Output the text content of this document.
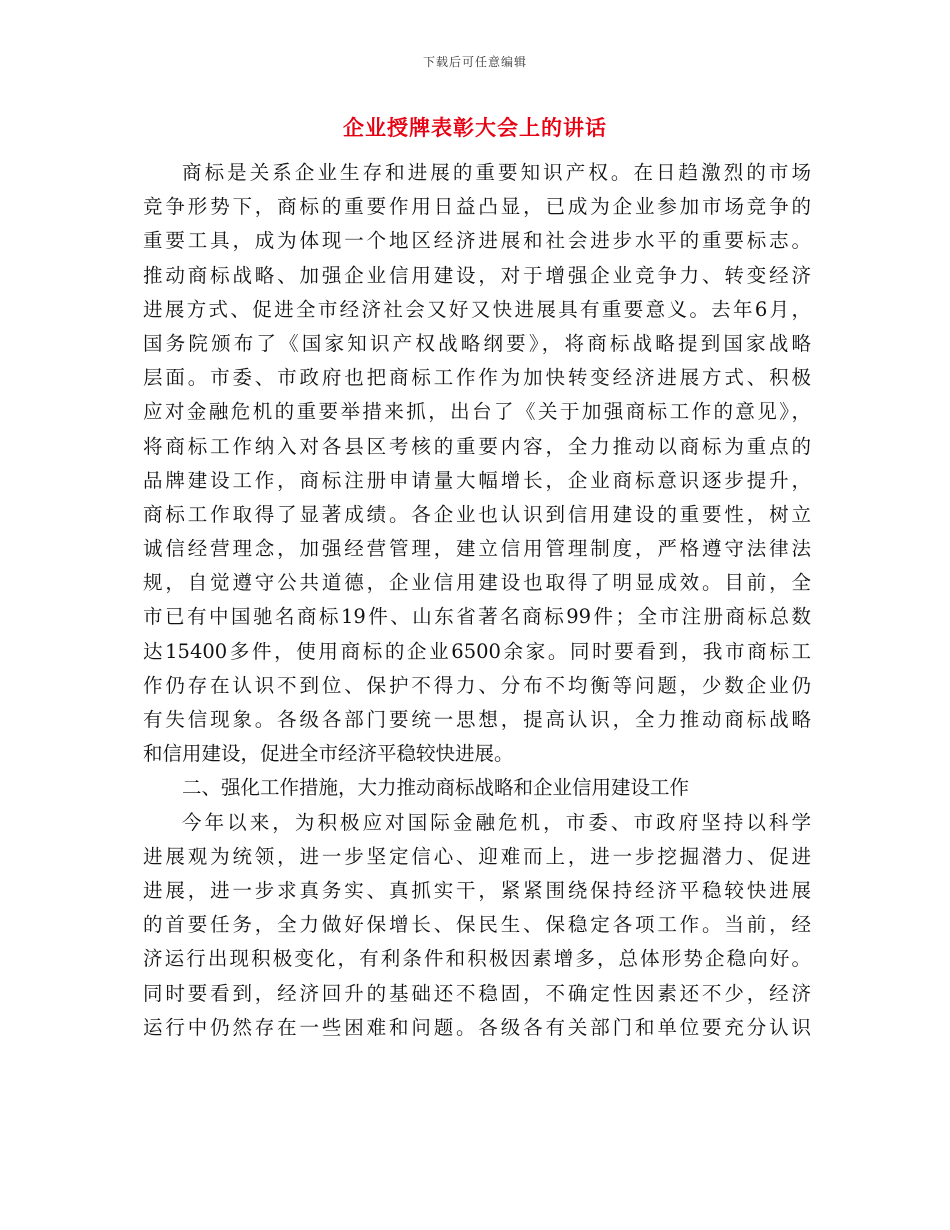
下载后可任意编辑
企业授牌表彰大会上的讲话
商标是关系企业生存和进展的重要知识产权。在日趋激烈的市场
竞争形势下，商标的重要作用日益凸显，已成为企业参加市场竞争的
重要工具，成为体现一个地区经济进展和社会进步水平的重要标志。
推动商标战略、加强企业信用建设，对于增强企业竞争力、转变经济
进展方式、促进全市经济社会又好又快进展具有重要意义。去年6月，
国务院颁布了《国家知识产权战略纲要》，将商标战略提到国家战略
层面。市委、市政府也把商标工作作为加快转变经济进展方式、积极
应对金融危机的重要举措来抓，出台了《关于加强商标工作的意见》，
将商标工作纳入对各县区考核的重要内容，全力推动以商标为重点的
品牌建设工作，商标注册申请量大幅增长，企业商标意识逐步提升，
商标工作取得了显著成绩。各企业也认识到信用建设的重要性，树立
诚信经营理念，加强经营管理，建立信用管理制度，严格遵守法律法
规，自觉遵守公共道德，企业信用建设也取得了明显成效。目前，全
市已有中国驰名商标19件、山东省著名商标99件；全市注册商标总数
达15400多件，使用商标的企业6500余家。同时要看到，我市商标工
作仍存在认识不到位、保护不得力、分布不均衡等问题，少数企业仍
有失信现象。各级各部门要统一思想，提高认识，全力推动商标战略
和信用建设，促进全市经济平稳较快进展。
二、强化工作措施，大力推动商标战略和企业信用建设工作
今年以来，为积极应对国际金融危机，市委、市政府坚持以科学
进展观为统领，进一步坚定信心、迎难而上，进一步挖掘潜力、促进
进展，进一步求真务实、真抓实干，紧紧围绕保持经济平稳较快进展
的首要任务，全力做好保增长、保民生、保稳定各项工作。当前，经
济运行出现积极变化，有利条件和积极因素增多，总体形势企稳向好。
同时要看到，经济回升的基础还不稳固，不确定性因素还不少，经济
运行中仍然存在一些困难和问题。各级各有关部门和单位要充分认识
